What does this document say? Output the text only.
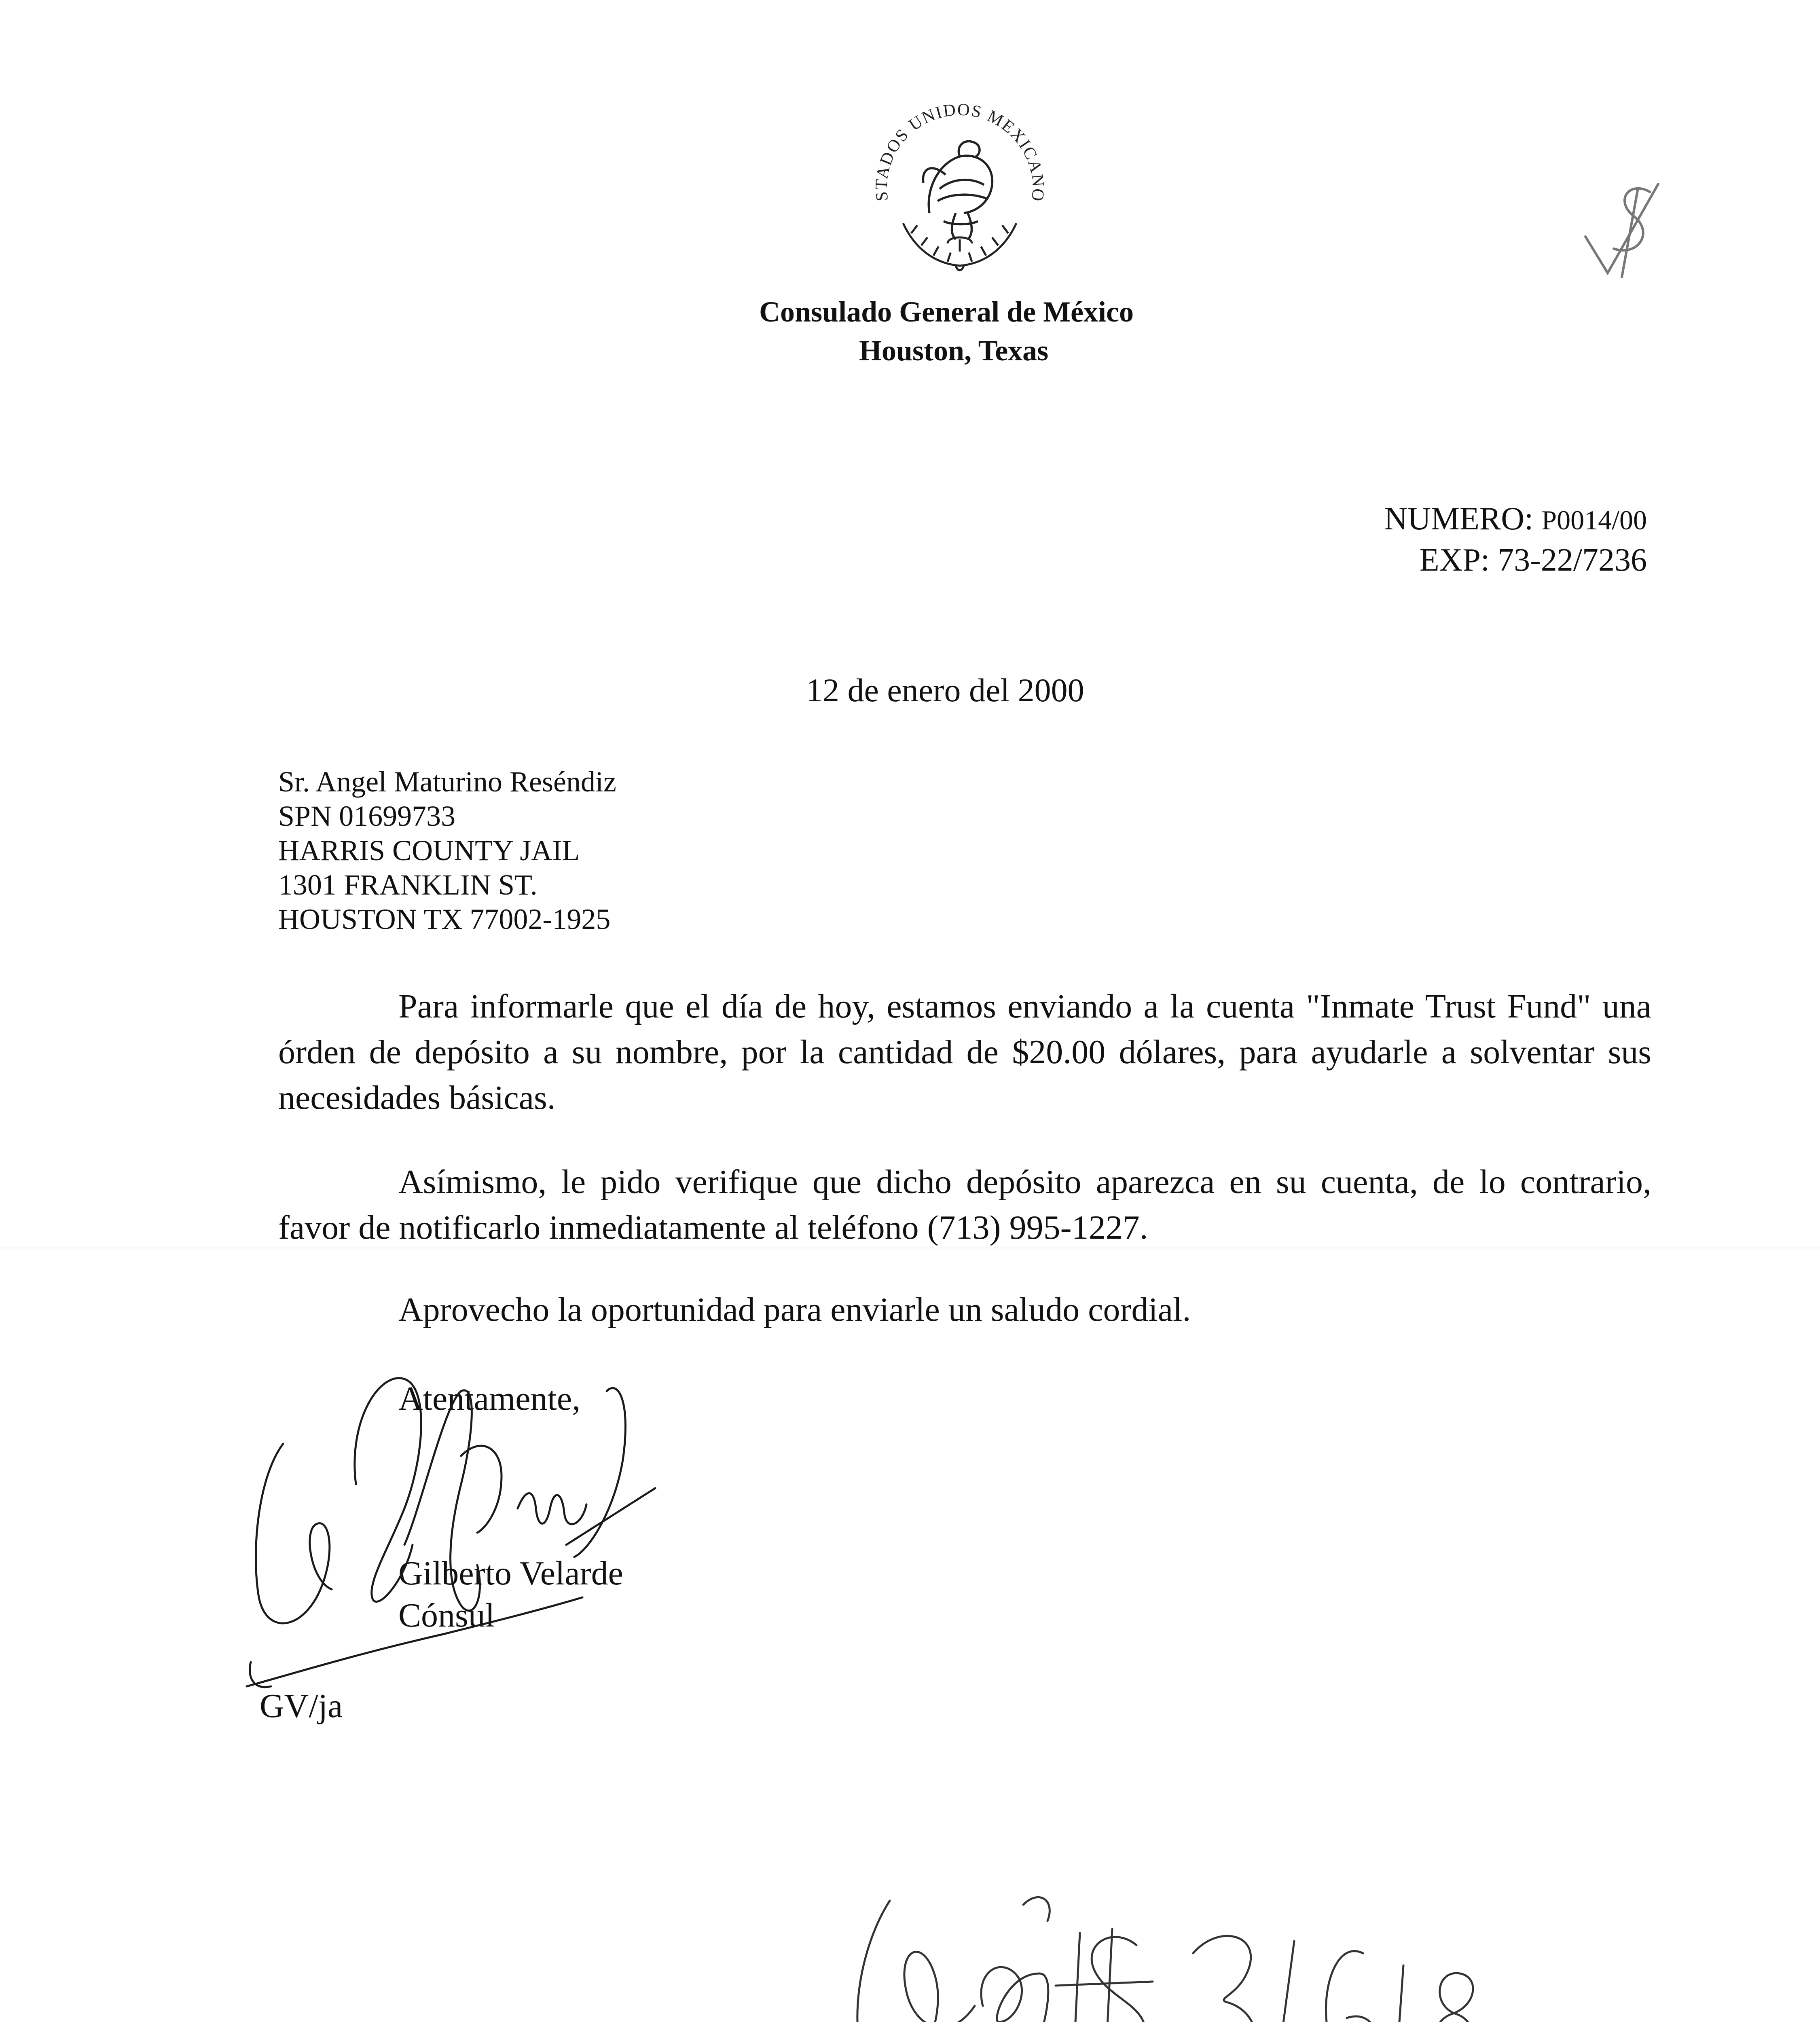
STADOS UNIDOS MEXICANO
Consulado General de México
Houston, Texas
NUMERO: P0014/00
EXP: 73-22/7236
12 de enero del 2000
Sr. Angel Maturino Reséndiz
SPN 01699733
HARRIS COUNTY JAIL
1301 FRANKLIN ST.
HOUSTON TX 77002-1925

Para informarle que el día de hoy, estamos enviando a la cuenta "Inmate Trust Fund" una órden de depósito a su nombre, por la cantidad de $20.00 dólares, para ayudarle a solventar sus necesidades básicas.

Asímismo, le pido verifique que dicho depósito aparezca en su cuenta, de lo contrario, favor de notificarlo inmediatamente al teléfono (713) 995-1227.

Aprovecho la oportunidad para enviarle un saludo cordial.
Atentamente,
Gilberto Velarde
Cónsul
GV/ja
